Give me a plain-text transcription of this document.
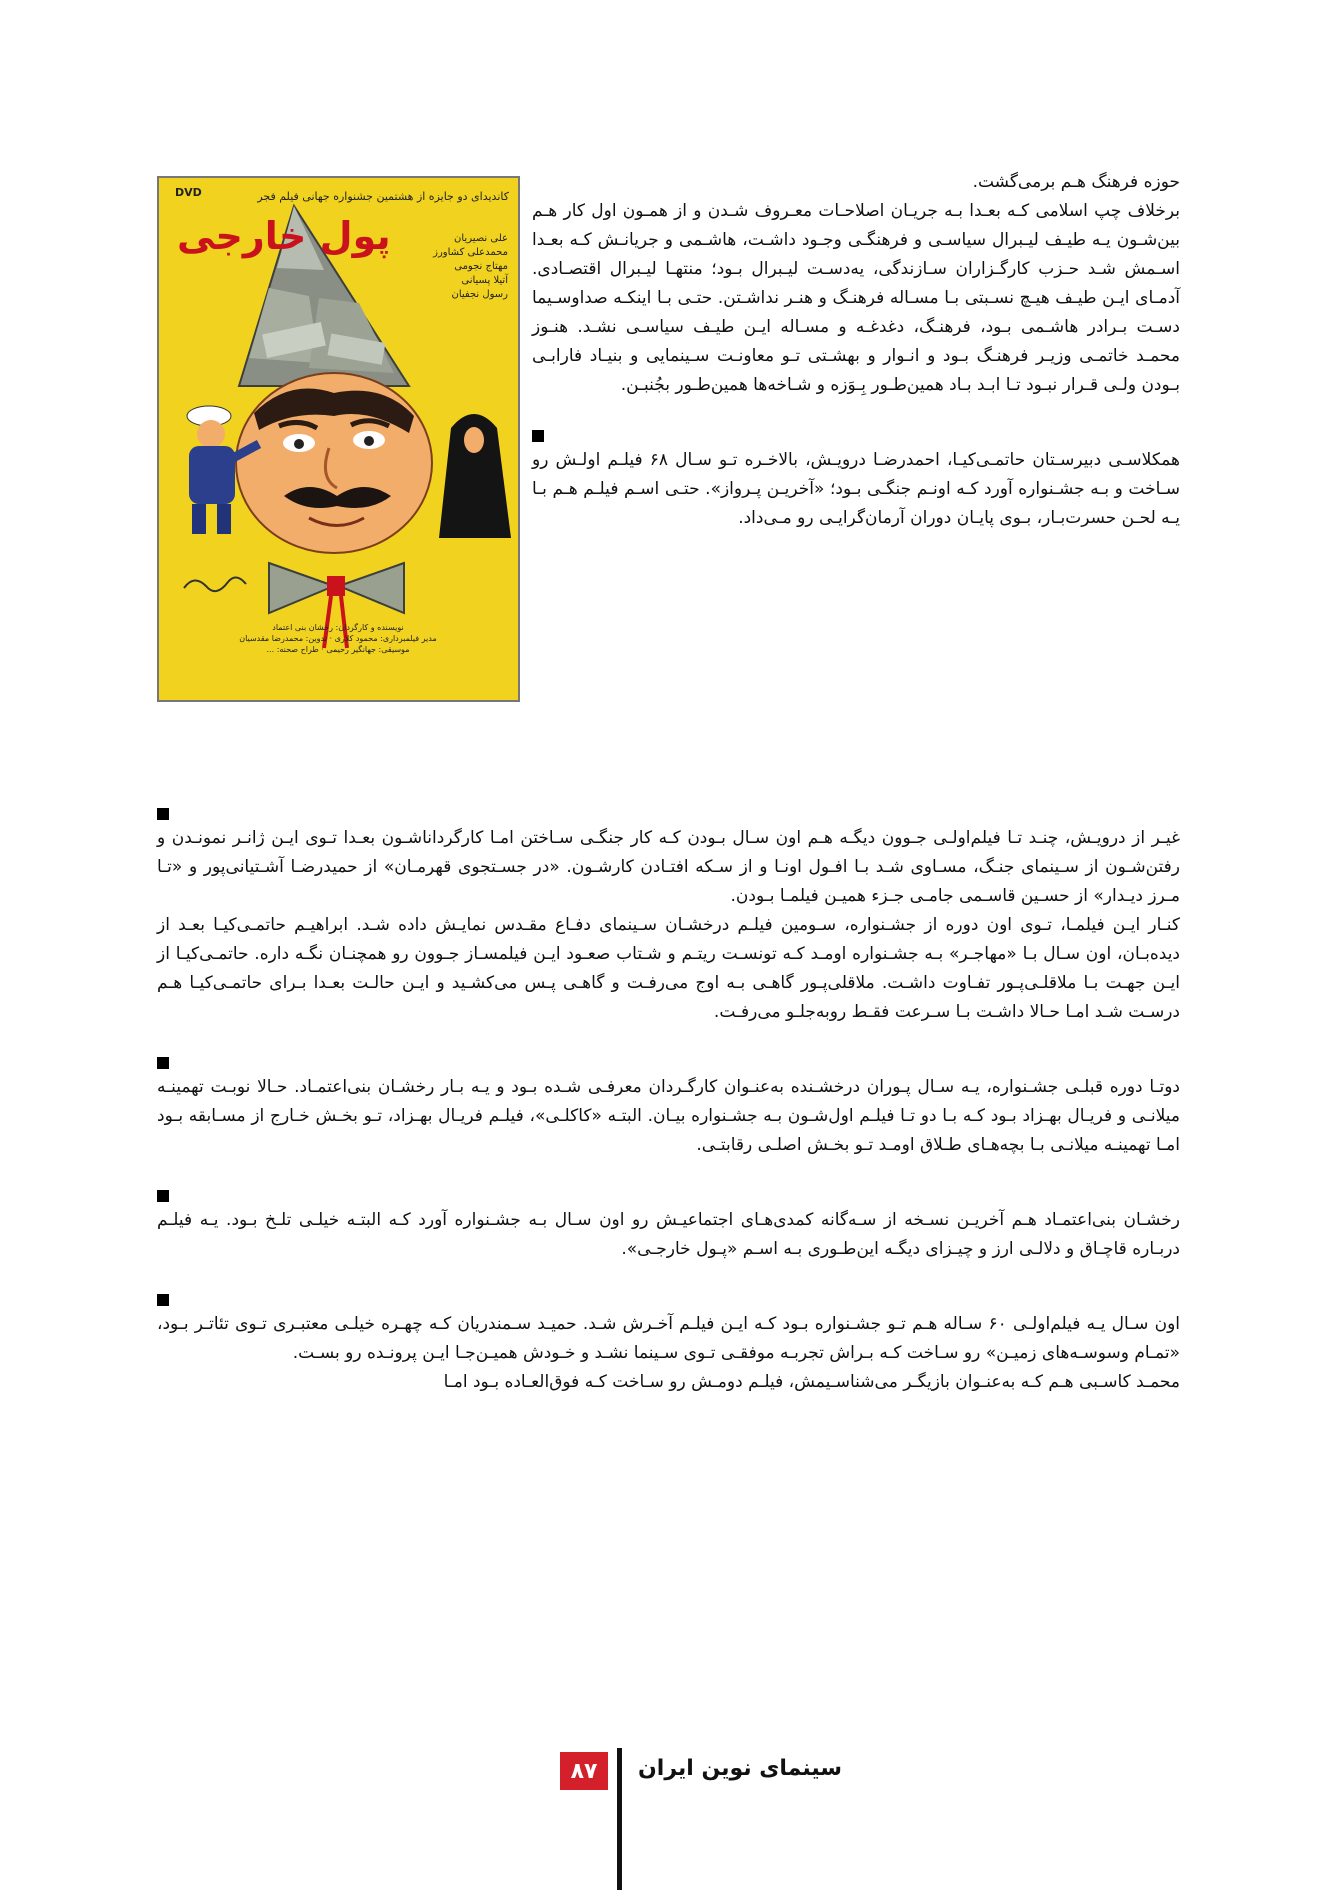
DVD	کاندیدای دو جایزه از هشتمین جشنواره جهانی فیلم فجر
پول خارجی	علی نصیریان
محمدعلی کشاورز
مهتاج نجومی
آتیلا پسیانی
رسول نجفیان
نویسنده و کارگردان: رخشان بنی اعتماد
مدیر فیلمبرداری: محمود کلاری · تدوین: محمدرضا مقدسیان
موسیقی: جهانگیر رحیمی · طراح صحنه: ...

حوزه فرهنگ هـم برمی‌گشت.

برخلاف چپ اسلامی کـه بعـدا بـه جریـان اصلاحـات معـروف شـدن و از همـون اول کار هـم بین‌شـون یـه طیـف لیـبرال سیاسـی و فرهنگـی وجـود داشـت، هاشـمی و جریانـش کـه بعـدا اسـمش شـد حـزب کارگـزاران سـازندگی، یه‌دسـت لیـبرال بـود؛ منتهـا لیـبرال اقتصـادی. آدمـای ایـن طیـف هیـچ نسـبتی بـا مسـاله فرهنـگ و هنـر نداشـتن. حتـی بـا اینکـه صداوسـیما دسـت بـرادر هاشـمی بـود، فرهنـگ، دغدغـه و مسـاله ایـن طیـف سیاسـی نشـد. هنـوز محمـد خاتمـی وزیـر فرهنـگ بـود و انـوار و بهشـتی تـو معاونـت سـینمایی و بنیـاد فارابـی بـودن ولـی قـرار نبـود تـا ابـد بـاد همین‌طـور بِـوَزه و شـاخه‌ها همین‌طـور بجُنبـن.

همکلاسـی دبیرسـتان حاتمـی‌کیـا، احمدرضـا درویـش، بالاخـره تـو سـال ۶۸ فیلـم اولـش رو سـاخت و بـه جشـنواره آورد کـه اونـم جنگـی بـود؛ «آخریـن پـرواز». حتـی اسـم فیلـم هـم بـا یـه لحـن حسرت‌بـار، بـوی پایـان دوران آرمان‌گرایـی رو مـی‌داد.

غیـر از درویـش، چنـد تـا فیلم‌اولـی جـوون دیگـه هـم اون سـال بـودن کـه کار جنگـی سـاختن امـا کارگرداناشـون بعـدا تـوی ایـن ژانـر نمونـدن و رفتن‌شـون از سـینمای جنـگ، مسـاوی شـد بـا افـول اونـا و از سـکه افتـادن کارشـون. «در جسـتجوی قهرمـان» از حمیدرضـا آشـتیانی‌پور و «تـا مـرز دیـدار» از حسـین قاسـمی جامـی جـزء همیـن فیلمـا بـودن.

کنـار ایـن فیلمـا، تـوی اون دوره از جشـنواره، سـومین فیلـم درخشـان سـینمای دفـاع مقـدس نمایـش داده شـد. ابراهیـم حاتمـی‌کیـا بعـد از دیده‌بـان، اون سـال بـا «مهاجـر» بـه جشـنواره اومـد کـه تونسـت ریتـم و شـتاب صعـود ایـن فیلمسـاز جـوون رو همچنـان نگـه داره. حاتمـی‌کیـا از ایـن جهـت بـا ملاقلـی‌پـور تفـاوت داشـت. ملاقلی‌پـور گاهـی بـه اوج می‌رفـت و گاهـی پـس می‌کشـید و ایـن حالـت بعـدا بـرای حاتمـی‌کیـا هـم درسـت شـد امـا حـالا داشـت بـا سـرعت فقـط روبه‌جلـو می‌رفـت.

دوتـا دوره قبلـی جشـنواره، یـه سـال پـوران درخشـنده به‌عنـوان کارگـردان معرفـی شـده بـود و یـه بـار رخشـان بنی‌اعتمـاد. حـالا نوبـت تهمینـه میلانـی و فریـال بهـزاد بـود کـه بـا دو تـا فیلـم اول‌شـون بـه جشـنواره بیـان. البتـه «کاکلـی»، فیلـم فریـال بهـزاد، تـو بخـش خـارج از مسـابقه بـود امـا تهمینـه میلانـی بـا بچه‌هـای طـلاق اومـد تـو بخـش اصلـی رقابتـی.

رخشـان بنی‌اعتمـاد هـم آخریـن نسـخه از سـه‌گانه کمدی‌هـای اجتماعیـش رو اون سـال بـه جشـنواره آورد کـه البتـه خیلـی تلـخ بـود. یـه فیلـم دربـاره قاچـاق و دلالـی ارز و چیـزای دیگـه این‌طـوری بـه اسـم «پـول خارجـی».

اون سـال یـه فیلم‌اولـی ۶۰ سـاله هـم تـو جشـنواره بـود کـه ایـن فیلـم آخـرش شـد. حمیـد سـمندریان کـه چهـره خیلـی معتبـری تـوی تئاتـر بـود، «تمـام وسوسـه‌های زمیـن» رو سـاخت کـه بـراش تجربـه موفقـی تـوی سـینما نشـد و خـودش همیـن‌جـا ایـن پرونـده رو بسـت.

محمـد کاسـبی هـم کـه به‌عنـوان بازیگـر می‌شناسـیمش، فیلـم دومـش رو سـاخت کـه فوق‌العـاده بـود امـا

۸۷	سینمای نوین ایران
